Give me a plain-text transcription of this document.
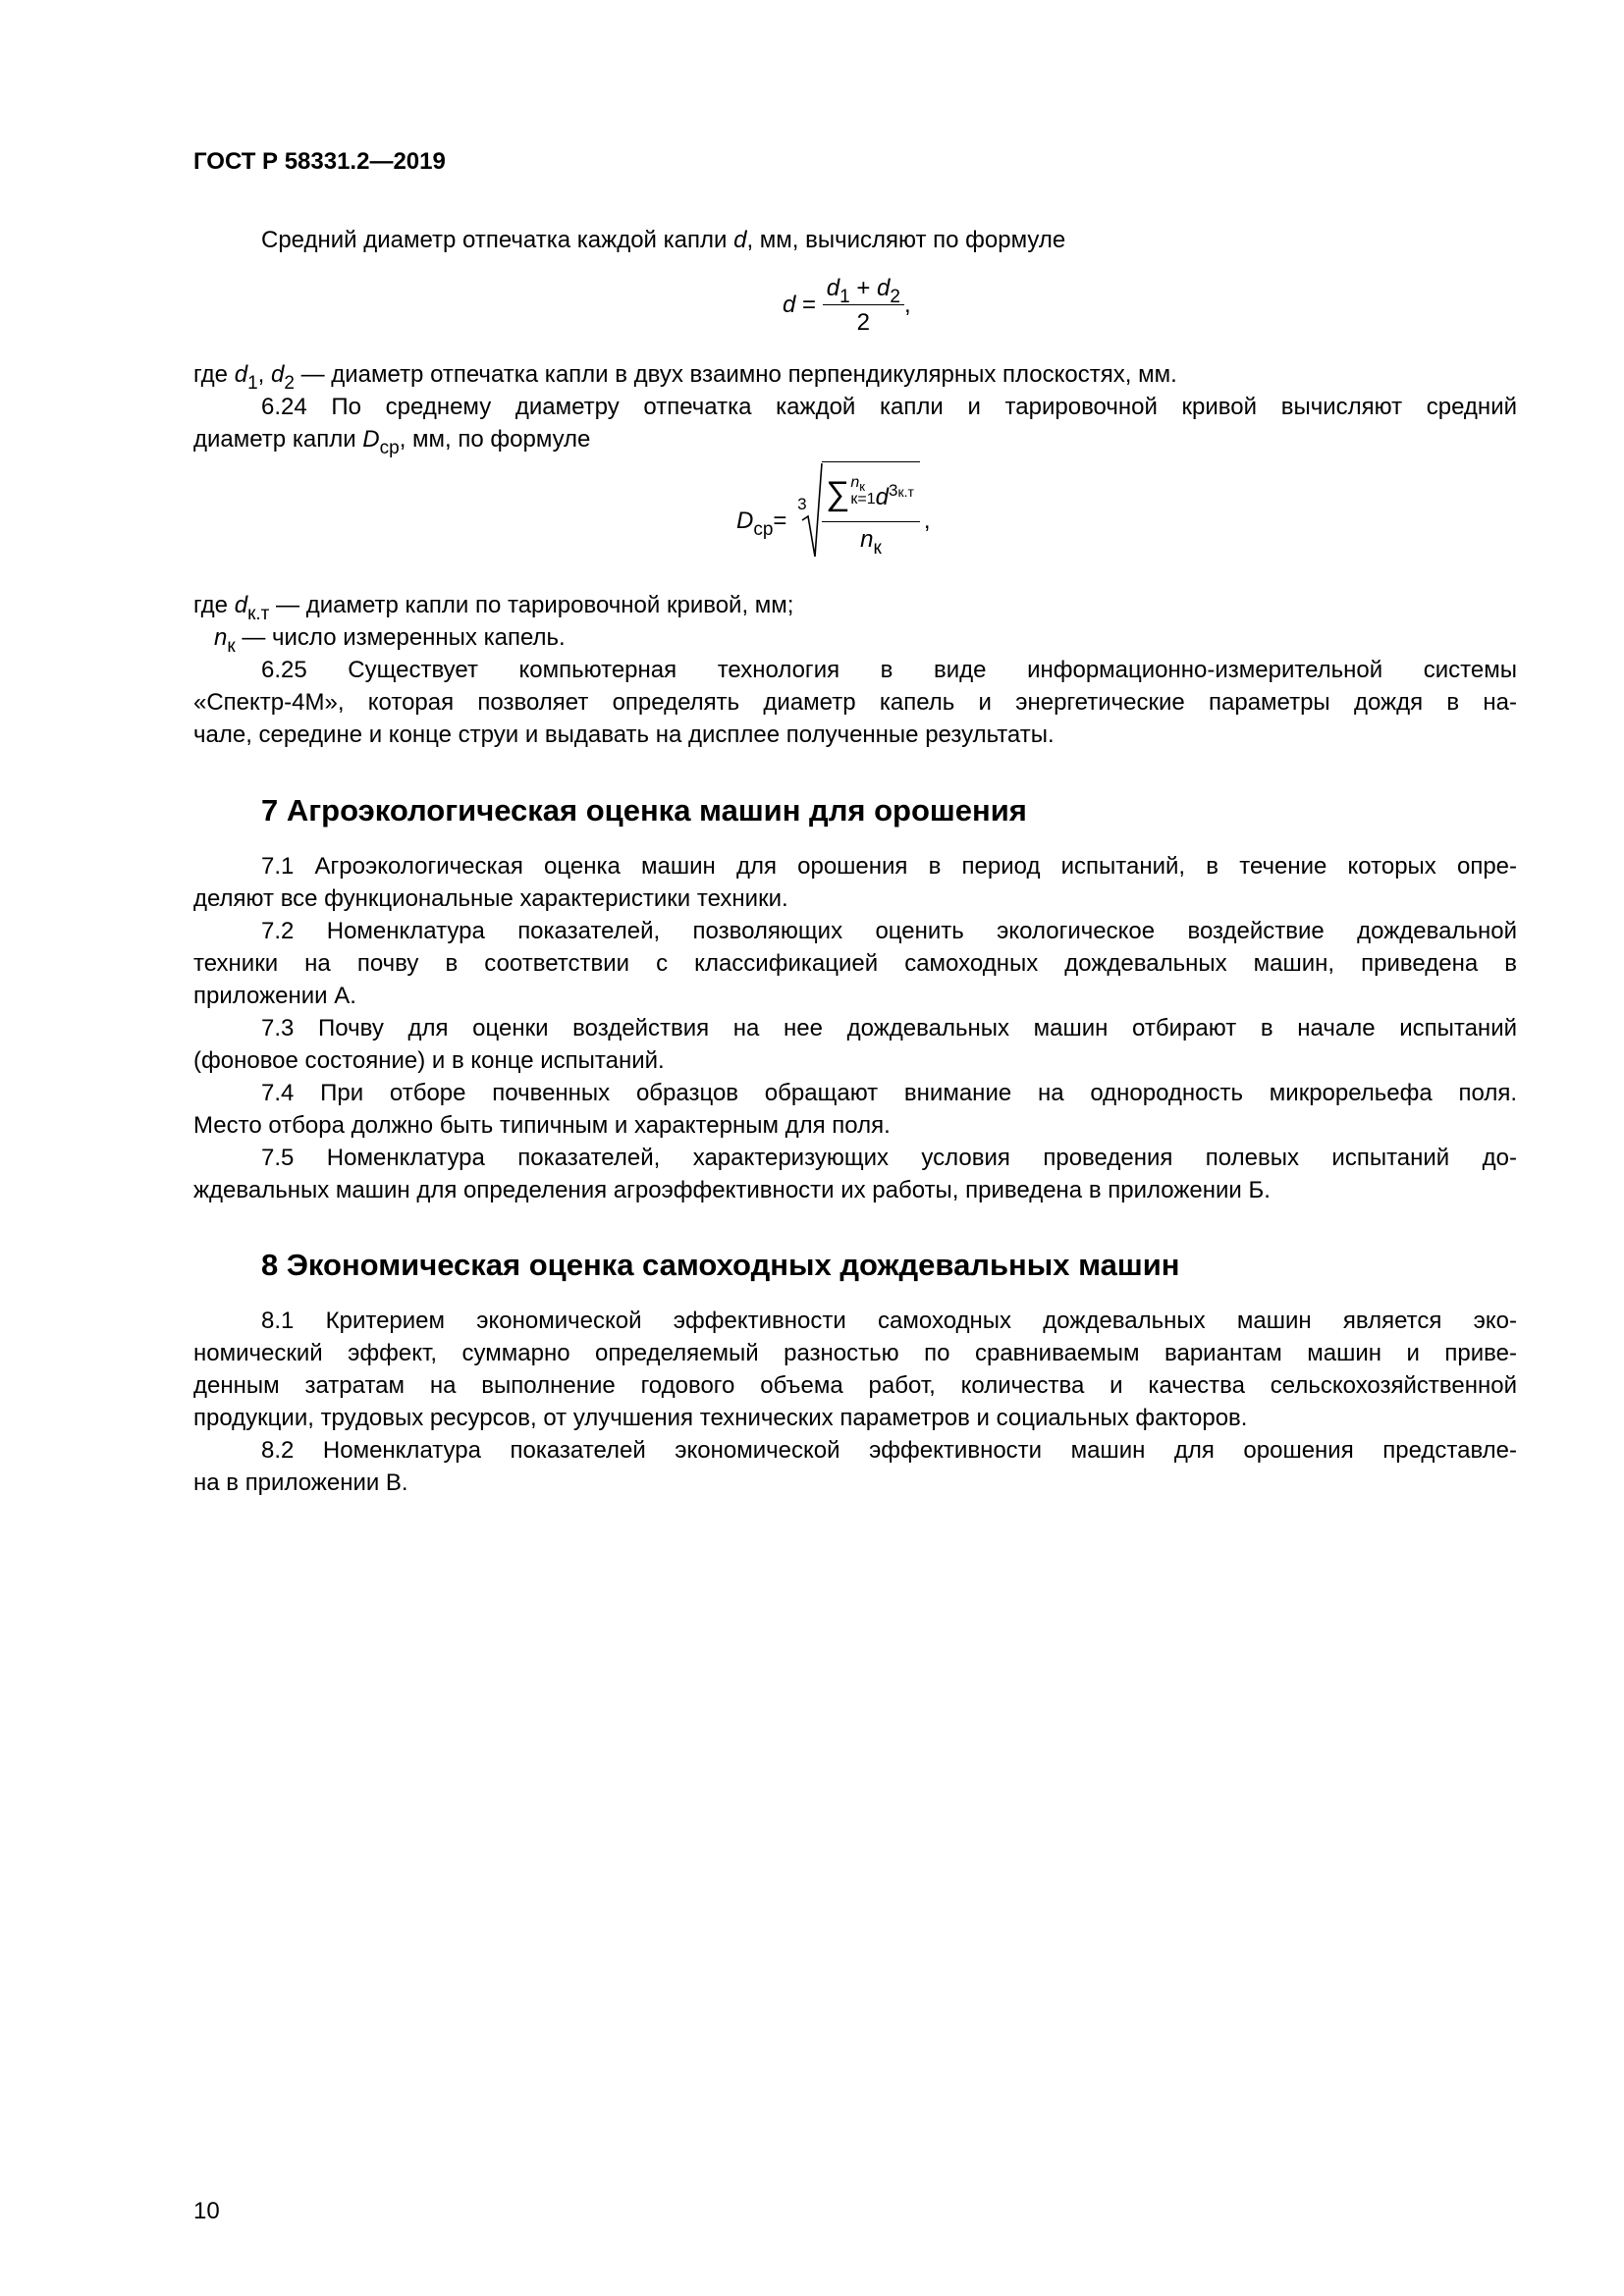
ГОСТ Р 58331.2—2019
Средний диаметр отпечатка каждой капли d, мм, вычисляют по формуле
$d = \frac{d_1 + d_2}{2}$ ,
где $d_1$, $d_2$ — диаметр отпечатка капли в двух взаимно перпендикулярных плоскостях, мм.
6.24 По среднему диаметру отпечатка каждой капли и тарировочной кривой вычисляют средний
диаметр капли $D_{ср}$, мм, по формуле
$D_{ср}=$
3 ∑ $n_к$
к=1 $d^3_{к.т}$
$n_к$ ,
где $d_{к.т}$ — диаметр капли по тарировочной кривой, мм;
$n_к$ — число измеренных капель.
6.25 Существует компьютерная технология в виде информационно-измерительной системы
«Спектр-4М», которая позволяет определять диаметр капель и энергетические параметры дождя в на-
чале, середине и конце струи и выдавать на дисплее полученные результаты.
7 Агроэкологическая оценка машин для орошения
7.1 Агроэкологическая оценка машин для орошения в период испытаний, в течение которых опре-
деляют все функциональные характеристики техники.
7.2 Номенклатура показателей, позволяющих оценить экологическое воздействие дождевальной
техники на почву в соответствии с классификацией самоходных дождевальных машин, приведена в
приложении А.
7.3 Почву для оценки воздействия на нее дождевальных машин отбирают в начале испытаний
(фоновое состояние) и в конце испытаний.
7.4 При отборе почвенных образцов обращают внимание на однородность микрорельефа поля.
Место отбора должно быть типичным и характерным для поля.
7.5 Номенклатура показателей, характеризующих условия проведения полевых испытаний до-
ждевальных машин для определения агроэффективности их работы, приведена в приложении Б.
8 Экономическая оценка самоходных дождевальных машин
8.1 Критерием экономической эффективности самоходных дождевальных машин является эко-
номический эффект, суммарно определяемый разностью по сравниваемым вариантам машин и приве-
денным затратам на выполнение годового объема работ, количества и качества сельскохозяйственной
продукции, трудовых ресурсов, от улучшения технических параметров и социальных факторов.
8.2 Номенклатура показателей экономической эффективности машин для орошения представле-
на в приложении В.
10
